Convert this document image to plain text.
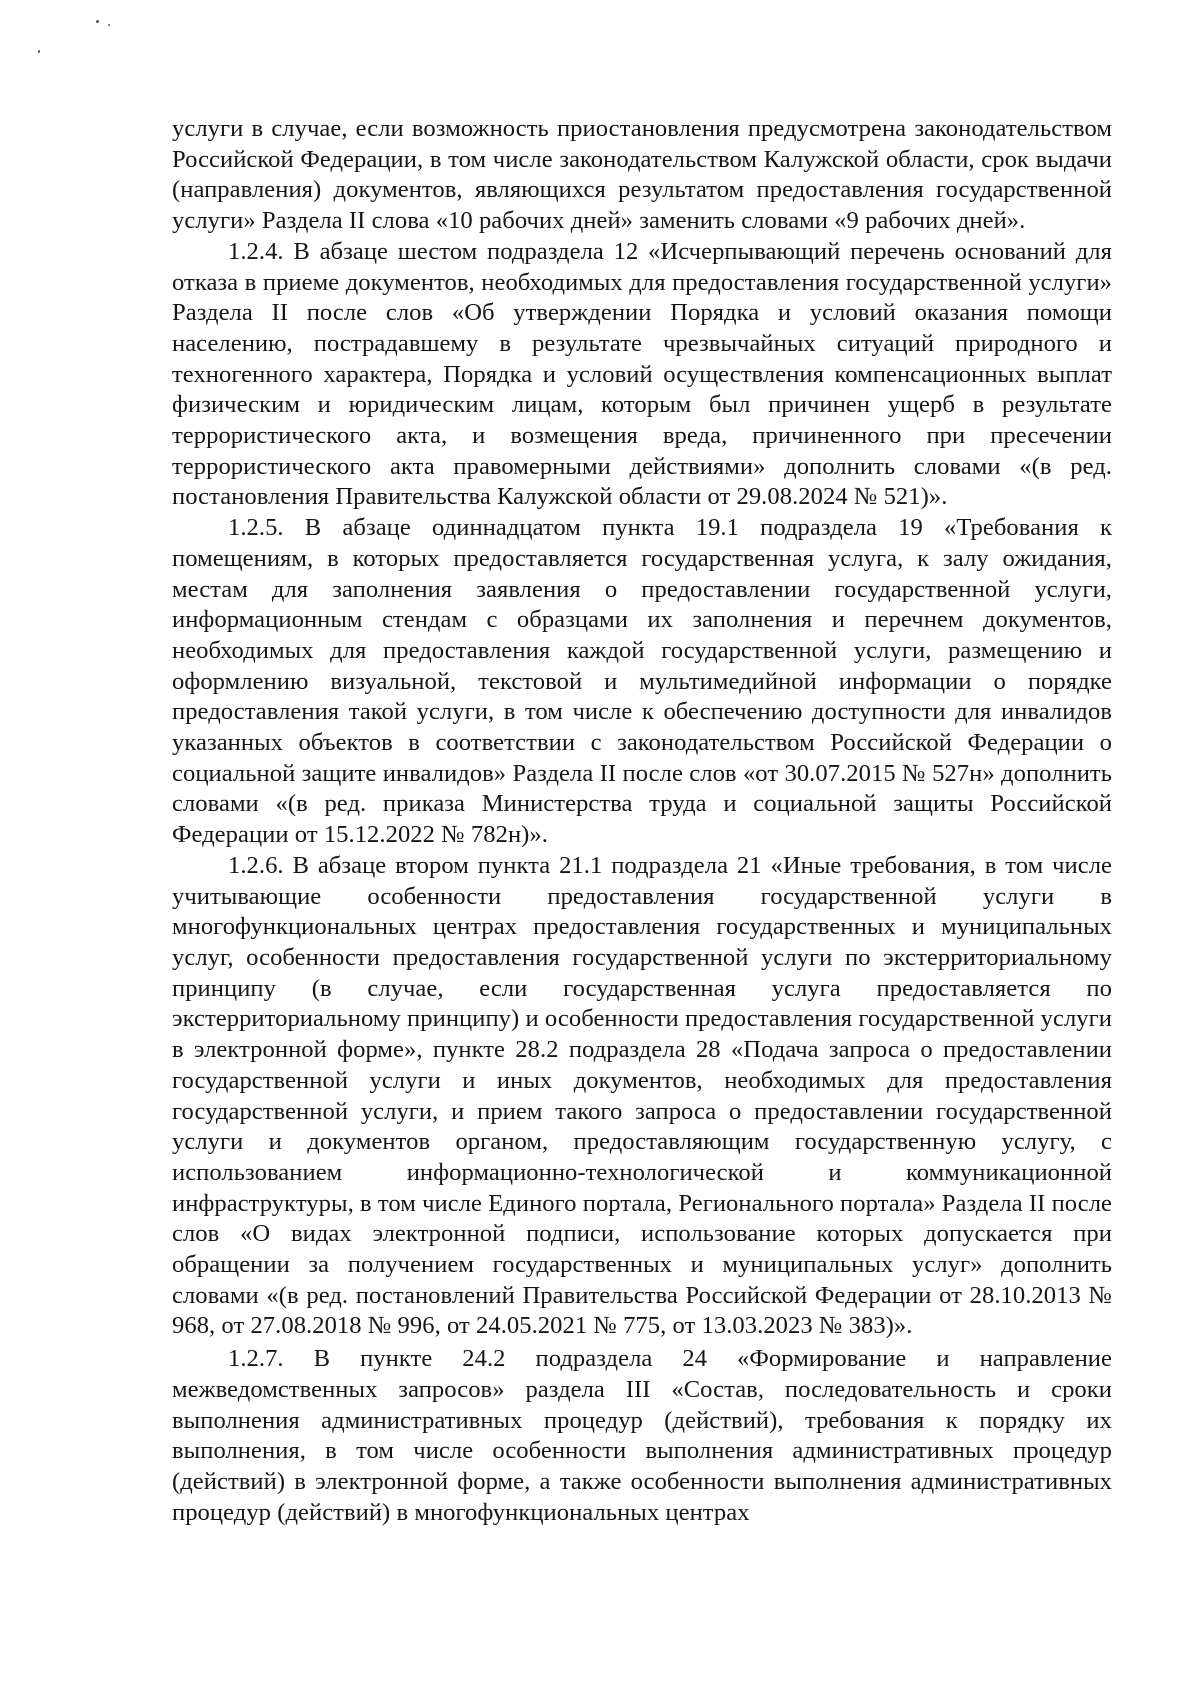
услуги в случае, если возможность приостановления предусмотрена законодательством Российской Федерации, в том числе законодательством Калужской области, срок выдачи (направления) документов, являющихся результатом предоставления государственной услуги» Раздела II слова «10 рабочих дней» заменить словами «9 рабочих дней».

1.2.4. В абзаце шестом подраздела 12 «Исчерпывающий перечень оснований для отказа в приеме документов, необходимых для предоставления государственной услуги» Раздела II после слов «Об утверждении Порядка и условий оказания помощи населению, пострадавшему в результате чрезвычайных ситуаций природного и техногенного характера, Порядка и условий осуществления компенсационных выплат физическим и юридическим лицам, которым был причинен ущерб в результате террористического акта, и возмещения вреда, причиненного при пресечении террористического акта правомерными действиями» дополнить словами «(в ред. постановления Правительства Калужской области от 29.08.2024 № 521)».

1.2.5. В абзаце одиннадцатом пункта 19.1 подраздела 19 «Требования к помещениям, в которых предоставляется государственная услуга, к залу ожидания, местам для заполнения заявления о предоставлении государственной услуги, информационным стендам с образцами их заполнения и перечнем документов, необходимых для предоставления каждой государственной услуги, размещению и оформлению визуальной, текстовой и мультимедийной информации о порядке предоставления такой услуги, в том числе к обеспечению доступности для инвалидов указанных объектов в соответствии с законодательством Российской Федерации о социальной защите инвалидов» Раздела II после слов «от 30.07.2015 № 527н» дополнить словами «(в ред. приказа Министерства труда и социальной защиты Российской Федерации от 15.12.2022 № 782н)».

1.2.6. В абзаце втором пункта 21.1 подраздела 21 «Иные требования, в том числе учитывающие особенности предоставления государственной услуги в многофункциональных центрах предоставления государственных и муниципальных услуг, особенности предоставления государственной услуги по экстерриториальному принципу (в случае, если государственная услуга предоставляется по экстерриториальному принципу) и особенности предоставления государственной услуги в электронной форме», пункте 28.2 подраздела 28 «Подача запроса о предоставлении государственной услуги и иных документов, необходимых для предоставления государственной услуги, и прием такого запроса о предоставлении государственной услуги и документов органом, предоставляющим государственную услугу, с использованием информационно-технологической и коммуникационной инфраструктуры, в том числе Единого портала, Регионального портала» Раздела II после слов «О видах электронной подписи, использование которых допускается при обращении за получением государственных и муниципальных услуг» дополнить словами «(в ред. постановлений Правительства Российской Федерации от 28.10.2013 № 968, от 27.08.2018 № 996, от 24.05.2021 № 775, от 13.03.2023 № 383)».

1.2.7. В пункте 24.2 подраздела 24 «Формирование и направление межведомственных запросов» раздела III «Состав, последовательность и сроки выполнения административных процедур (действий), требования к порядку их выполнения, в том числе особенности выполнения административных процедур (действий) в электронной форме, а также особенности выполнения административных процедур (действий) в многофункциональных центрах
